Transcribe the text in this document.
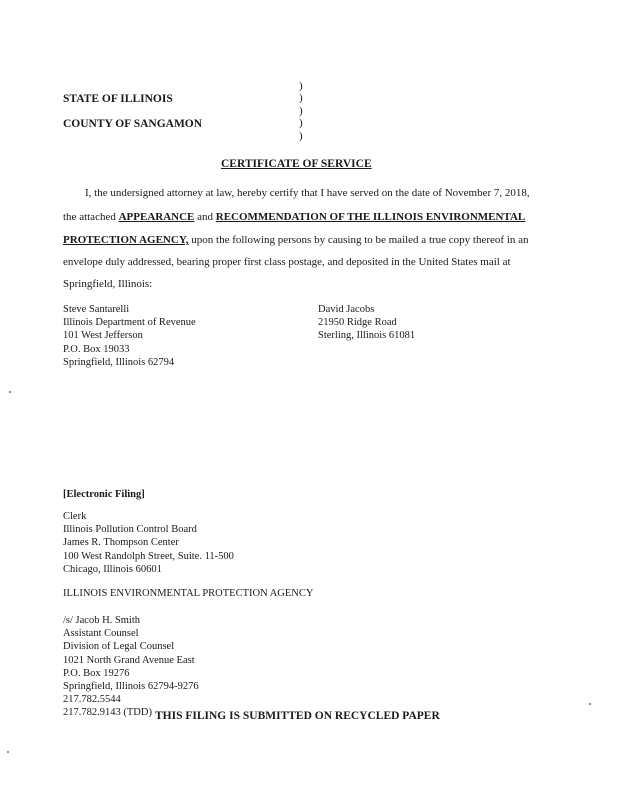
STATE OF ILLINOIS
COUNTY OF SANGAMON
)
)
)
)
)
CERTIFICATE OF SERVICE
I, the undersigned attorney at law, hereby certify that I have served on the date of November 7, 2018,
the attached APPEARANCE and RECOMMENDATION OF THE ILLINOIS ENVIRONMENTAL
PROTECTION AGENCY, upon the following persons by causing to be mailed a true copy thereof in an
envelope duly addressed, bearing proper first class postage, and deposited in the United States mail at
Springfield, Illinois:
Steve Santarelli
Illinois Department of Revenue
101 West Jefferson
P.O. Box 19033
Springfield, Illinois 62794
David Jacobs
21950 Ridge Road
Sterling, Illinois 61081
[Electronic Filing]
Clerk
Illinois Pollution Control Board
James R. Thompson Center
100 West Randolph Street, Suite. 11-500
Chicago, Illinois 60601
ILLINOIS ENVIRONMENTAL PROTECTION AGENCY
/s/ Jacob H. Smith
Assistant Counsel
Division of Legal Counsel
1021 North Grand Avenue East
P.O. Box 19276
Springfield, Illinois 62794-9276
217.782.5544
217.782.9143 (TDD) THIS FILING IS SUBMITTED ON RECYCLED PAPER
